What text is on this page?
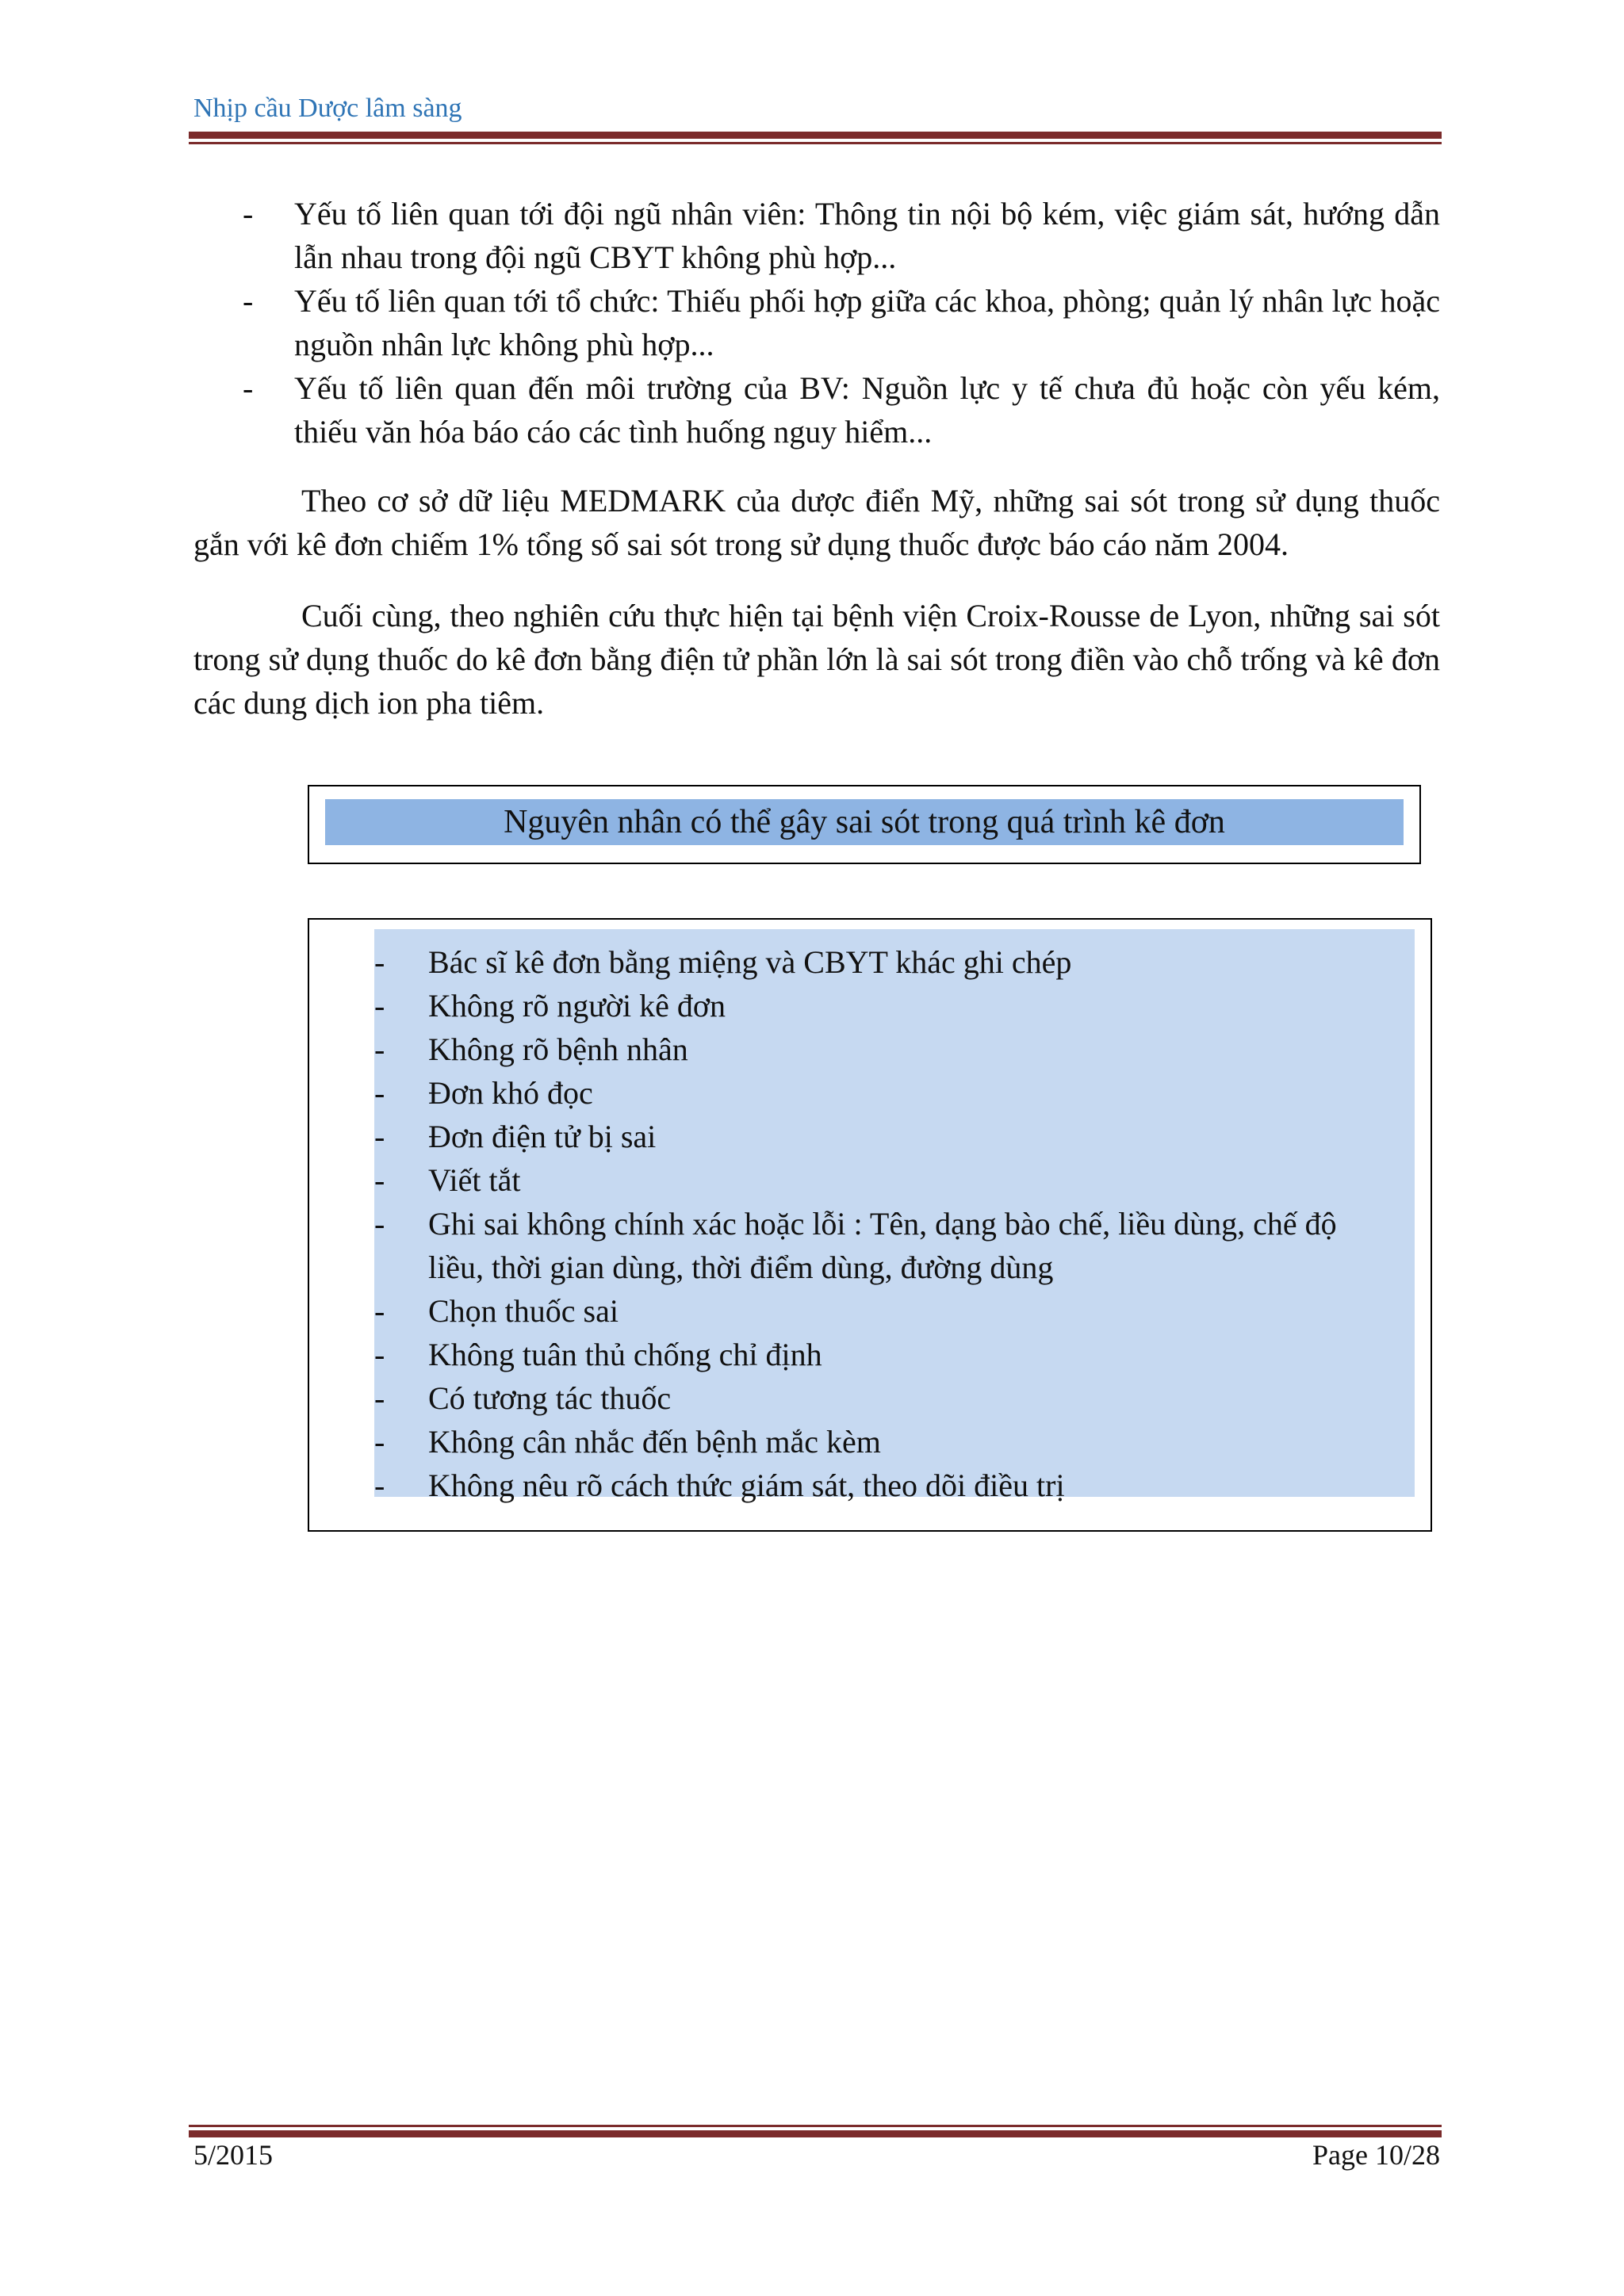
Nhịp cầu Dược lâm sàng
- Yếu tố liên quan tới đội ngũ nhân viên: Thông tin nội bộ kém, việc giám sát, hướng dẫn lẫn nhau trong đội ngũ CBYT không phù hợp...
- Yếu tố liên quan tới tổ chức: Thiếu phối hợp giữa các khoa, phòng; quản lý nhân lực hoặc nguồn nhân lực không phù hợp...
- Yếu tố liên quan đến môi trường của BV: Nguồn lực y tế chưa đủ hoặc còn yếu kém, thiếu văn hóa báo cáo các tình huống nguy hiểm...

Theo cơ sở dữ liệu MEDMARK của dược điển Mỹ, những sai sót trong sử dụng thuốc gắn với kê đơn chiếm 1% tổng số sai sót trong sử dụng thuốc được báo cáo năm 2004.

Cuối cùng, theo nghiên cứu thực hiện tại bệnh viện Croix-Rousse de Lyon, những sai sót trong sử dụng thuốc do kê đơn bằng điện tử phần lớn là sai sót trong điền vào chỗ trống và kê đơn các dung dịch ion pha tiêm.

Nguyên nhân có thể gây sai sót trong quá trình kê đơn
- Bác sĩ kê đơn bằng miệng và CBYT khác ghi chép
- Không rõ người kê đơn
- Không rõ bệnh nhân
- Đơn khó đọc
- Đơn điện tử bị sai
- Viết tắt
- Ghi sai không chính xác hoặc lỗi : Tên, dạng bào chế, liều dùng, chế độ liều, thời gian dùng, thời điểm dùng, đường dùng
- Chọn thuốc sai
- Không tuân thủ chống chỉ định
- Có tương tác thuốc
- Không cân nhắc đến bệnh mắc kèm
- Không nêu rõ cách thức giám sát, theo dõi điều trị
5/2015	Page 10/28
